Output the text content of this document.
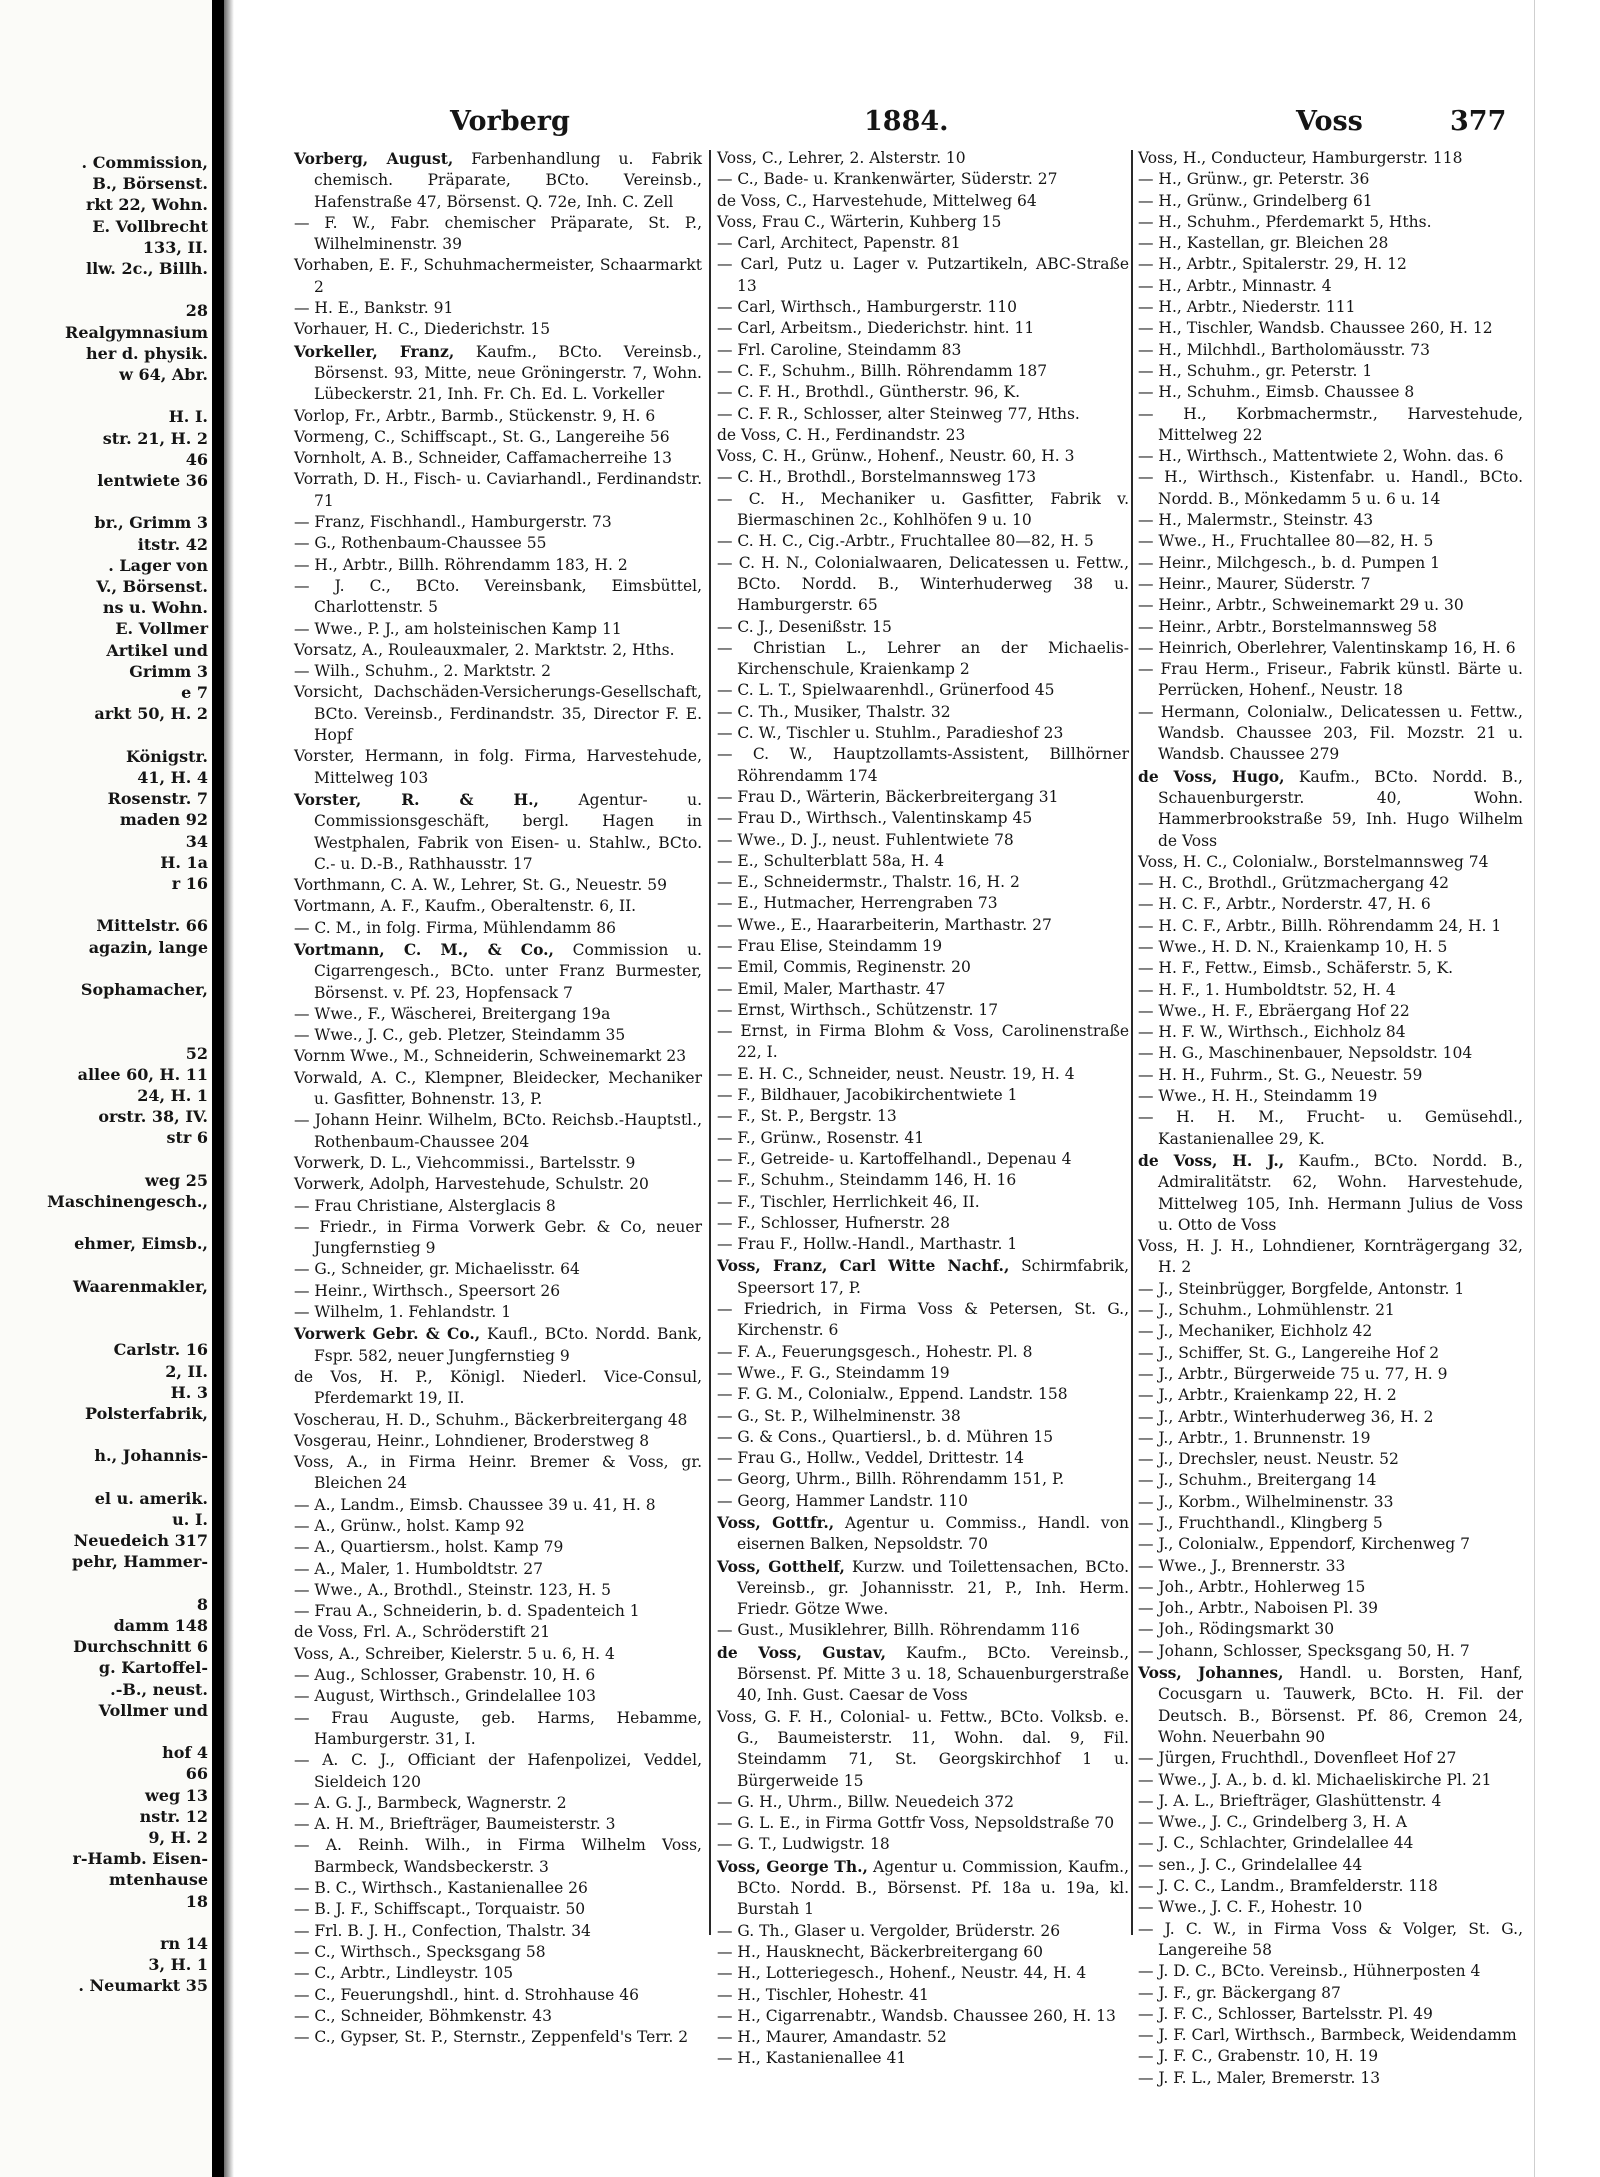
. Commission,
B., Börsenst.
rkt 22, Wohn.
E. Vollbrecht
133, II.
llw. 2c., Billh.

28
Realgymnasium
her d. physik.
w 64, Abr.

H. I.
str. 21, H. 2
46
lentwiete 36

br., Grimm 3
itstr. 42
. Lager von
V., Börsenst.
ns u. Wohn.
E. Vollmer
Artikel und
Grimm 3
e 7
arkt 50, H. 2

Königstr.
41, H. 4
Rosenstr. 7
maden 92
34
H. 1a
r 16

Mittelstr. 66
agazin, lange

Sophamacher,

52
allee 60, H. 11
24, H. 1
orstr. 38, IV.
str 6

weg 25
Maschinengesch.,

ehmer, Eimsb.,

Waarenmakler,

Carlstr. 16
2, II.
H. 3
Polsterfabrik,

h., Johannis-

el u. amerik.
u. I.
Neuedeich 317
pehr, Hammer-

8
damm 148
Durchschnitt 6
g. Kartoffel-
.-B., neust.
Vollmer und

hof 4
66
weg 13
nstr. 12
9, H. 2
r-Hamb. Eisen-
mtenhause
18

rn 14
3, H. 1
. Neumarkt 35
Vorberg	1884.	Voss	377
Vorberg, August, Farbenhandlung u. Fabrik chemisch. Präparate, BCto. Vereinsb., Hafenstraße 47, Börsenst. Q. 72e, Inh. C. Zell
— F. W., Fabr. chemischer Präparate, St. P., Wilhelminenstr. 39
Vorhaben, E. F., Schuhmachermeister, Schaarmarkt 2
— H. E., Bankstr. 91
Vorhauer, H. C., Diederichstr. 15
Vorkeller, Franz, Kaufm., BCto. Vereinsb., Börsenst. 93, Mitte, neue Gröningerstr. 7, Wohn. Lübeckerstr. 21, Inh. Fr. Ch. Ed. L. Vorkeller
Vorlop, Fr., Arbtr., Barmb., Stückenstr. 9, H. 6
Vormeng, C., Schiffscapt., St. G., Langereihe 56
Vornholt, A. B., Schneider, Caffamacherreihe 13
Vorrath, D. H., Fisch- u. Caviarhandl., Ferdinandstr. 71
— Franz, Fischhandl., Hamburgerstr. 73
— G., Rothenbaum-Chaussee 55
— H., Arbtr., Billh. Röhrendamm 183, H. 2
— J. C., BCto. Vereinsbank, Eimsbüttel, Charlottenstr. 5
— Wwe., P. J., am holsteinischen Kamp 11
Vorsatz, A., Rouleauxmaler, 2. Marktstr. 2, Hths.
— Wilh., Schuhm., 2. Marktstr. 2
Vorsicht, Dachschäden-Versicherungs-Gesellschaft, BCto. Vereinsb., Ferdinandstr. 35, Director F. E. Hopf
Vorster, Hermann, in folg. Firma, Harvestehude, Mittelweg 103
Vorster, R. & H.,	Agentur- u. Commissionsgeschäft, bergl. Hagen in Westphalen, Fabrik von Eisen- u. Stahlw., BCto. C.- u. D.-B., Rathhausstr. 17
Vorthmann, C. A. W., Lehrer, St. G., Neuestr. 59
Vortmann, A. F., Kaufm., Oberaltenstr. 6, II.
— C. M., in folg. Firma, Mühlendamm 86
Vortmann, C. M., & Co., Commission u. Cigarrengesch., BCto. unter Franz Burmester, Börsenst. v. Pf. 23, Hopfensack 7
— Wwe., F., Wäscherei, Breitergang 19a
— Wwe., J. C., geb. Pletzer, Steindamm 35
Vornm Wwe., M., Schneiderin, Schweinemarkt 23
Vorwald, A. C., Klempner, Bleidecker, Mechaniker u. Gasfitter, Bohnenstr. 13, P.
— Johann Heinr. Wilhelm, BCto. Reichsb.-Hauptstl., Rothenbaum-Chaussee 204
Vorwerk, D. L., Viehcommissi., Bartelsstr. 9
Vorwerk, Adolph, Harvestehude, Schulstr. 20
— Frau Christiane, Alsterglacis 8
— Friedr., in Firma Vorwerk Gebr. & Co, neuer Jungfernstieg 9
— G., Schneider, gr. Michaelisstr. 64
— Heinr., Wirthsch., Speersort 26
— Wilhelm, 1. Fehlandstr. 1
Vorwerk Gebr. & Co., Kaufl., BCto. Nordd. Bank, Fspr. 582, neuer Jungfernstieg 9
de Vos, H. P., Königl. Niederl. Vice-Consul, Pferdemarkt 19, II.
Voscherau, H. D., Schuhm., Bäckerbreitergang 48
Vosgerau, Heinr., Lohndiener, Broderstweg 8
Voss, A., in Firma Heinr. Bremer & Voss, gr. Bleichen 24
— A., Landm., Eimsb. Chaussee 39 u. 41, H. 8
— A., Grünw., holst. Kamp 92
— A., Quartiersm., holst. Kamp 79
— A., Maler, 1. Humboldtstr. 27
— Wwe., A., Brothdl., Steinstr. 123, H. 5
— Frau A., Schneiderin, b. d. Spadenteich 1
de Voss, Frl. A., Schröderstift 21
Voss, A., Schreiber, Kielerstr. 5 u. 6, H. 4
— Aug., Schlosser, Grabenstr. 10, H. 6
— August, Wirthsch., Grindelallee 103
— Frau Auguste, geb. Harms, Hebamme, Hamburgerstr. 31, I.
— A. C. J., Officiant der Hafenpolizei, Veddel, Sieldeich 120
— A. G. J., Barmbeck, Wagnerstr. 2
— A. H. M., Briefträger, Baumeisterstr. 3
— A. Reinh. Wilh., in Firma Wilhelm Voss, Barmbeck, Wandsbeckerstr. 3
— B. C., Wirthsch., Kastanienallee 26
— B. J. F., Schiffscapt., Torquaistr. 50
— Frl. B. J. H., Confection, Thalstr. 34
— C., Wirthsch., Specksgang 58
— C., Arbtr., Lindleystr. 105
— C., Feuerungshdl., hint. d. Strohhause 46
— C., Schneider, Böhmkenstr. 43
— C., Gypser, St. P., Sternstr., Zeppenfeld's Terr. 2
Voss, C., Lehrer, 2. Alsterstr. 10
— C., Bade- u. Krankenwärter, Süderstr. 27
de Voss, C., Harvestehude, Mittelweg 64
Voss, Frau C., Wärterin, Kuhberg 15
— Carl, Architect, Papenstr. 81
— Carl, Putz u. Lager v. Putzartikeln, ABC-Straße 13
— Carl, Wirthsch., Hamburgerstr. 110
— Carl, Arbeitsm., Diederichstr. hint. 11
— Frl. Caroline, Steindamm 83
— C. F., Schuhm., Billh. Röhrendamm 187
— C. F. H., Brothdl., Güntherstr. 96, K.
— C. F. R., Schlosser, alter Steinweg 77, Hths.
de Voss, C. H., Ferdinandstr. 23
Voss, C. H., Grünw., Hohenf., Neustr. 60, H. 3
— C. H., Brothdl., Borstelmannsweg 173
— C. H., Mechaniker u. Gasfitter, Fabrik v. Biermaschinen 2c., Kohlhöfen 9 u. 10
— C. H. C., Cig.-Arbtr., Fruchtallee 80—82, H. 5
— C. H. N., Colonialwaaren, Delicatessen u. Fettw., BCto. Nordd. B., Winterhuderweg 38 u. Hamburgerstr. 65
— C. J., Desenißstr. 15
— Christian L., Lehrer an der Michaelis-Kirchenschule, Kraienkamp 2
— C. L. T., Spielwaarenhdl., Grünerfood 45
— C. Th., Musiker, Thalstr. 32
— C. W., Tischler u. Stuhlm., Paradieshof 23
— C. W., Hauptzollamts-Assistent, Billhörner Röhrendamm 174
— Frau D., Wärterin, Bäckerbreitergang 31
— Frau D., Wirthsch., Valentinskamp 45
— Wwe., D. J., neust. Fuhlentwiete 78
— E., Schulterblatt 58a, H. 4
— E., Schneidermstr., Thalstr. 16, H. 2
— E., Hutmacher, Herrengraben 73
— Wwe., E., Haararbeiterin, Marthastr. 27
— Frau Elise, Steindamm 19
— Emil, Commis, Reginenstr. 20
— Emil, Maler, Marthastr. 47
— Ernst, Wirthsch., Schützenstr. 17
— Ernst, in Firma Blohm & Voss, Carolinenstraße 22, I.
— E. H. C., Schneider, neust. Neustr. 19, H. 4
— F., Bildhauer, Jacobikirchentwiete 1
— F., St. P., Bergstr. 13
— F., Grünw., Rosenstr. 41
— F., Getreide- u. Kartoffelhandl., Depenau 4
— F., Schuhm., Steindamm 146, H. 16
— F., Tischler, Herrlichkeit 46, II.
— F., Schlosser, Hufnerstr. 28
— Frau F., Hollw.-Handl., Marthastr. 1
Voss, Franz, Carl Witte Nachf., Schirmfabrik, Speersort 17, P.
— Friedrich, in Firma Voss & Petersen, St. G., Kirchenstr. 6
— F. A., Feuerungsgesch., Hohestr. Pl. 8
— Wwe., F. G., Steindamm 19
— F. G. M., Colonialw., Eppend. Landstr. 158
— G., St. P., Wilhelminenstr. 38
— G. & Cons., Quartiersl., b. d. Mühren 15
— Frau G., Hollw., Veddel, Drittestr. 14
— Georg, Uhrm., Billh. Röhrendamm 151, P.
— Georg, Hammer Landstr. 110
Voss, Gottfr., Agentur u. Commiss., Handl. von eisernen Balken, Nepsoldstr. 70
Voss, Gotthelf, Kurzw. und Toilettensachen, BCto. Vereinsb., gr. Johannisstr. 21, P., Inh. Herm. Friedr. Götze Wwe.
— Gust., Musiklehrer, Billh. Röhrendamm 116
de Voss, Gustav, Kaufm., BCto. Vereinsb., Börsenst. Pf. Mitte 3 u. 18, Schauenburgerstraße 40, Inh. Gust. Caesar de Voss
Voss, G. F. H., Colonial- u. Fettw., BCto. Volksb. e. G., Baumeisterstr. 11, Wohn. dal. 9, Fil. Steindamm 71, St. Georgskirchhof 1 u. Bürgerweide 15
— G. H., Uhrm., Billw. Neuedeich 372
— G. L. E., in Firma Gottfr Voss, Nepsoldstraße 70
— G. T., Ludwigstr. 18
Voss, George Th., Agentur u. Commission, Kaufm., BCto. Nordd. B., Börsenst. Pf. 18a u. 19a, kl. Burstah 1
— G. Th., Glaser u. Vergolder, Brüderstr. 26
— H., Hausknecht, Bäckerbreitergang 60
— H., Lotteriegesch., Hohenf., Neustr. 44, H. 4
— H., Tischler, Hohestr. 41
— H., Cigarrenabtr., Wandsb. Chaussee 260, H. 13
— H., Maurer, Amandastr. 52
— H., Kastanienallee 41
Voss, H., Conducteur, Hamburgerstr. 118
— H., Grünw., gr. Peterstr. 36
— H., Grünw., Grindelberg 61
— H., Schuhm., Pferdemarkt 5, Hths.
— H., Kastellan, gr. Bleichen 28
— H., Arbtr., Spitalerstr. 29, H. 12
— H., Arbtr., Minnastr. 4
— H., Arbtr., Niederstr. 111
— H., Tischler, Wandsb. Chaussee 260, H. 12
— H., Milchhdl., Bartholomäusstr. 73
— H., Schuhm., gr. Peterstr. 1
— H., Schuhm., Eimsb. Chaussee 8
— H., Korbmachermstr., Harvestehude, Mittelweg 22
— H., Wirthsch., Mattentwiete 2, Wohn. das. 6
— H., Wirthsch., Kistenfabr. u. Handl., BCto. Nordd. B., Mönkedamm 5 u. 6 u. 14
— H., Malermstr., Steinstr. 43
— Wwe., H., Fruchtallee 80—82, H. 5
— Heinr., Milchgesch., b. d. Pumpen 1
— Heinr., Maurer, Süderstr. 7
— Heinr., Arbtr., Schweinemarkt 29 u. 30
— Heinr., Arbtr., Borstelmannsweg 58
— Heinrich, Oberlehrer, Valentinskamp 16, H. 6
— Frau Herm., Friseur., Fabrik künstl. Bärte u. Perrücken, Hohenf., Neustr. 18
— Hermann, Colonialw., Delicatessen u. Fettw., Wandsb. Chaussee 203, Fil. Mozstr. 21 u. Wandsb. Chaussee 279
de Voss, Hugo, Kaufm., BCto. Nordd. B., Schauenburgerstr. 40, Wohn. Hammerbrookstraße 59, Inh. Hugo Wilhelm de Voss
Voss, H. C., Colonialw., Borstelmannsweg 74
— H. C., Brothdl., Grützmachergang 42
— H. C. F., Arbtr., Norderstr. 47, H. 6
— H. C. F., Arbtr., Billh. Röhrendamm 24, H. 1
— Wwe., H. D. N., Kraienkamp 10, H. 5
— H. F., Fettw., Eimsb., Schäferstr. 5, K.
— H. F., 1. Humboldtstr. 52, H. 4
— Wwe., H. F., Ebräergang Hof 22
— H. F. W., Wirthsch., Eichholz 84
— H. G., Maschinenbauer, Nepsoldstr. 104
— H. H., Fuhrm., St. G., Neuestr. 59
— Wwe., H. H., Steindamm 19
— H. H. M., Frucht- u. Gemüsehdl., Kastanienallee 29, K.
de Voss, H. J., Kaufm., BCto. Nordd. B., Admiralitätstr. 62, Wohn. Harvestehude, Mittelweg 105, Inh. Hermann Julius de Voss u. Otto de Voss
Voss, H. J. H., Lohndiener, Kornträgergang 32, H. 2
— J., Steinbrügger, Borgfelde, Antonstr. 1
— J., Schuhm., Lohmühlenstr. 21
— J., Mechaniker, Eichholz 42
— J., Schiffer, St. G., Langereihe Hof 2
— J., Arbtr., Bürgerweide 75 u. 77, H. 9
— J., Arbtr., Kraienkamp 22, H. 2
— J., Arbtr., Winterhuderweg 36, H. 2
— J., Arbtr., 1. Brunnenstr. 19
— J., Drechsler, neust. Neustr. 52
— J., Schuhm., Breitergang 14
— J., Korbm., Wilhelminenstr. 33
— J., Fruchthandl., Klingberg 5
— J., Colonialw., Eppendorf, Kirchenweg 7
— Wwe., J., Brennerstr. 33
— Joh., Arbtr., Hohlerweg 15
— Joh., Arbtr., Naboisen Pl. 39
— Joh., Rödingsmarkt 30
— Johann, Schlosser, Specksgang 50, H. 7
Voss, Johannes, Handl. u. Borsten, Hanf, Cocusgarn u. Tauwerk, BCto. H. Fil. der Deutsch. B., Börsenst. Pf. 86, Cremon 24, Wohn. Neuerbahn 90
— Jürgen, Fruchthdl., Dovenfleet Hof 27
— Wwe., J. A., b. d. kl. Michaeliskirche Pl. 21
— J. A. L., Briefträger, Glashüttenstr. 4
— Wwe., J. C., Grindelberg 3, H. A
— J. C., Schlachter, Grindelallee 44
— sen., J. C., Grindelallee 44
— J. C. C., Landm., Bramfelderstr. 118
— Wwe., J. C. F., Hohestr. 10
— J. C. W., in Firma Voss & Volger, St. G., Langereihe 58
— J. D. C., BCto. Vereinsb., Hühnerposten 4
— J. F., gr. Bäckergang 87
— J. F. C., Schlosser, Bartelsstr. Pl. 49
— J. F. Carl, Wirthsch., Barmbeck, Weidendamm
— J. F. C., Grabenstr. 10, H. 19
— J. F. L., Maler, Bremerstr. 13
